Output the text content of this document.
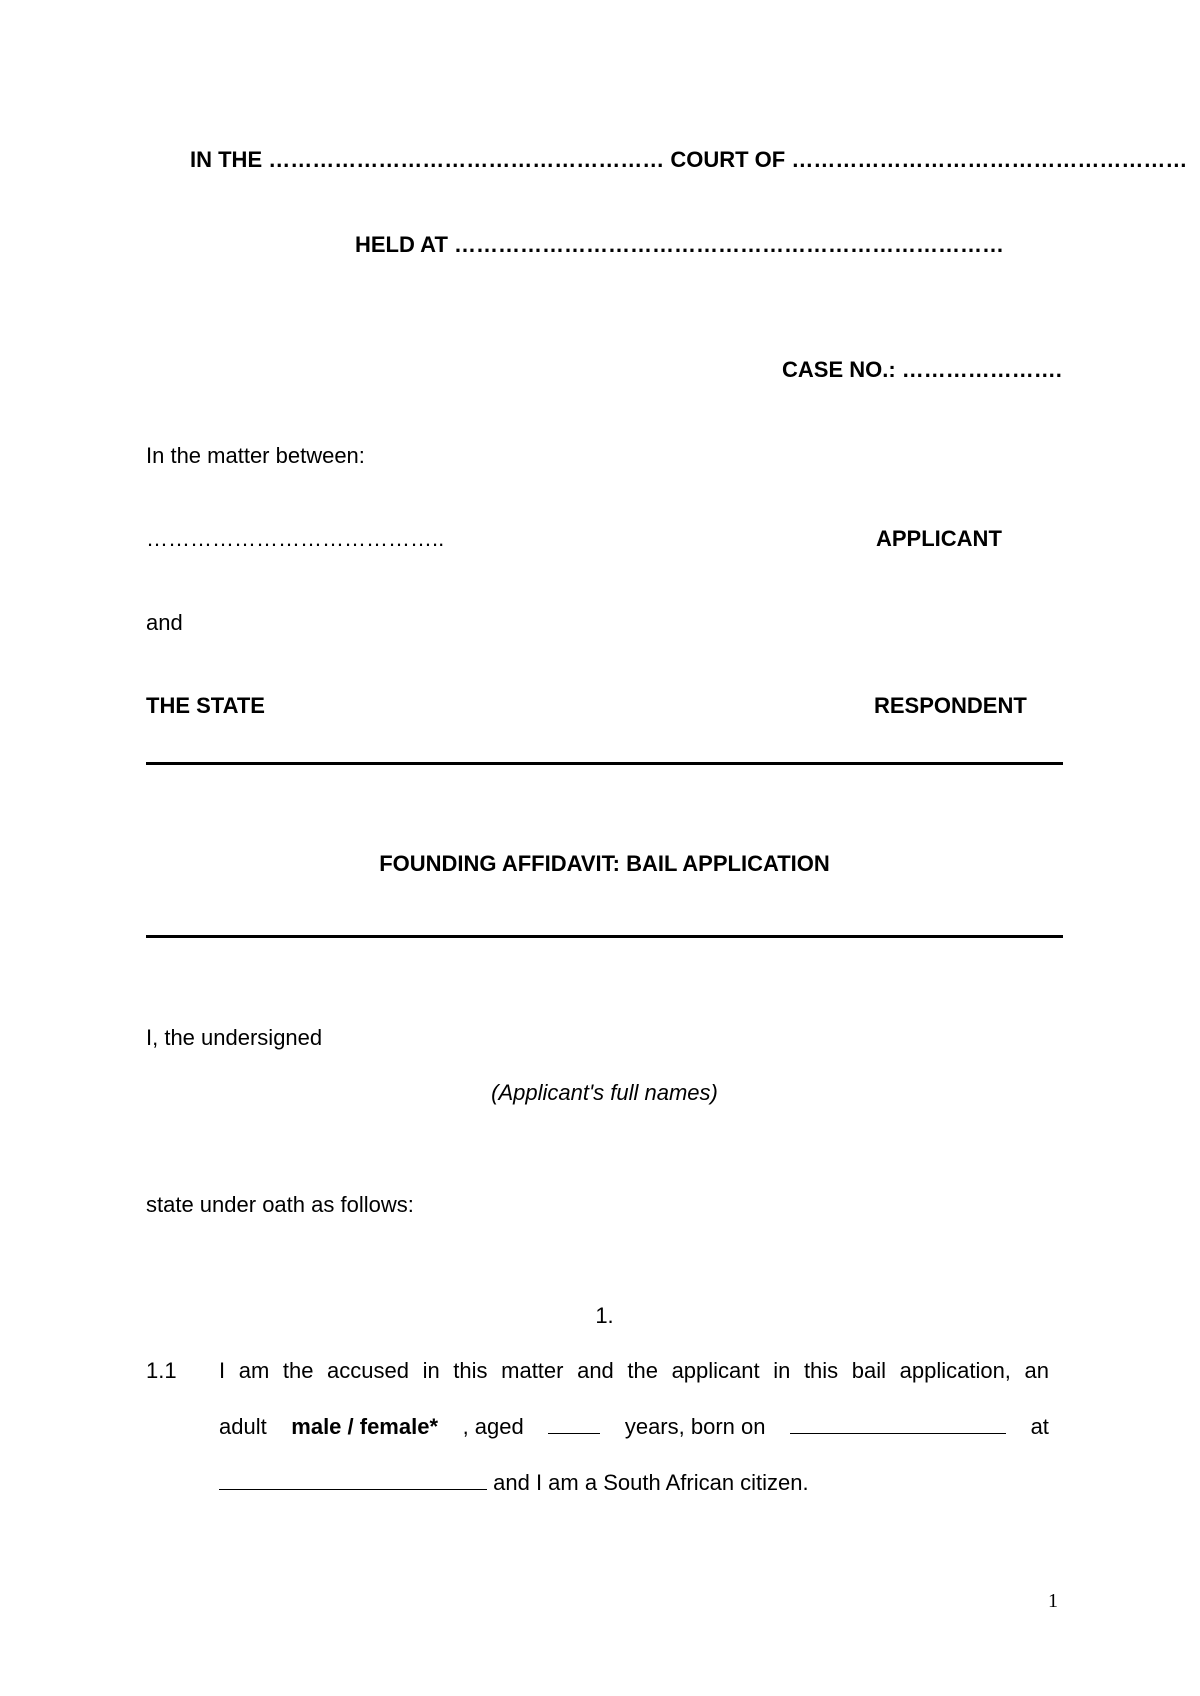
IN THE ……………………………………………… COURT OF ………………………………………………
HELD AT …………………………………………………………………
CASE NO.: ………………….
In the matter between:
…………………………………..	APPLICANT
and
THE STATE	RESPONDENT
FOUNDING AFFIDAVIT: BAIL APPLICATION
I, the undersigned
(Applicant's full names)
state under oath as follows:
1.
1.1 I am the accused in this matter and the applicant in this bail application, an
adult male / female* , aged	years, born on	at
and I am a South African citizen.
1
